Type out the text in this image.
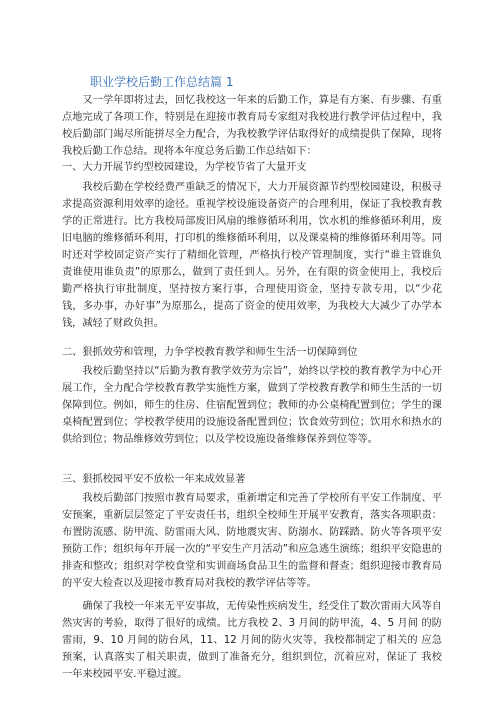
职业学校后勤工作总结篇 1

又一学年即将过去，回忆我校这一年来的后勤工作，算是有方案、有步骤、有重点地完成了各项工作，特别是在迎接市教育局专家组对我校进行教学评估过程中，我校后勤部门竭尽所能拼尽全力配合，为我校教学评估取得好的成绩提供了保障，现将我校后勤工作总结。现将本年度总务后勤工作总结如下：

一、大力开展节约型校园建设，为学校节省了大量开支

我校后勤在学校经费严重缺乏的情况下，大力开展资源节约型校园建设，积极寻求提高资源利用效率的途径。重视学校设施设备资产的合理利用，保证了我校教育教学的正常进行。比方我校局部废旧风扇的维修循环利用，饮水机的维修循环利用，废旧电脑的维修循环利用，打印机的维修循环利用，以及课桌椅的维修循环利用等。同时还对学校固定资产实行了精细化管理，严格执行校产管理制度，实行“谁主管谁负责谁使用谁负责”的原那么，做到了责任到人。另外，在有限的资金使用上，我校后勤严格执行审批制度，坚持按方案行事，合理使用资金，坚持专款专用，以“少花钱，多办事，办好事”为原那么，提高了资金的使用效率，为我校大大减少了办学本钱，减轻了财政负担。

二、狠抓效劳和管理，力争学校教育教学和师生生活一切保障到位

我校后勤坚持以“后勤为教育教学效劳为宗旨”，始终以学校的教育教学为中心开展工作，全力配合学校教育教学实施性方案，做到了学校教育教学和师生生活的一切保障到位。例如，师生的住房、住宿配置到位；教师的办公桌椅配置到位；学生的课桌椅配置到位；学校教学使用的设施设备配置到位；饮食效劳到位；饮用水和热水的供给到位；物品维修效劳到位；以及学校设施设备维修保养到位等等。

三、狠抓校园平安不放松一年来成效显著

我校后勤部门按照市教育局要求，重新增定和完善了学校所有平安工作制度、平安预案，重新层层签定了平安责任书，组织全校师生开展平安教育，落实各项职责：布置防流感、防甲流、防雷雨大风、防地震灾害、防溺水、防踩踏、防火等各项平安预防工作；组织每年开展一次的“平安生产月活动”和应急逃生演练；组织平安隐患的排查和整改；组织对学校食堂和实训商场食品卫生的监督和督查；组织迎接市教育局的平安大检查以及迎接市教育局对我校的教学评估等等。

确保了我校一年来无平安事故，无传染性疾病发生，经受住了数次雷雨大风等自然灾害的考验，取得了很好的成绩。比方我校 2、3 月间的防甲流，4、5 月间 的防雷雨，9、10 月间的防台风，11、12 月间的防火灾等，我校都制定了相关的 应急预案，认真落实了相关职责，做到了准备充分，组织到位，沉着应对，保证了 我校一年来校园平安.平稳过渡。
